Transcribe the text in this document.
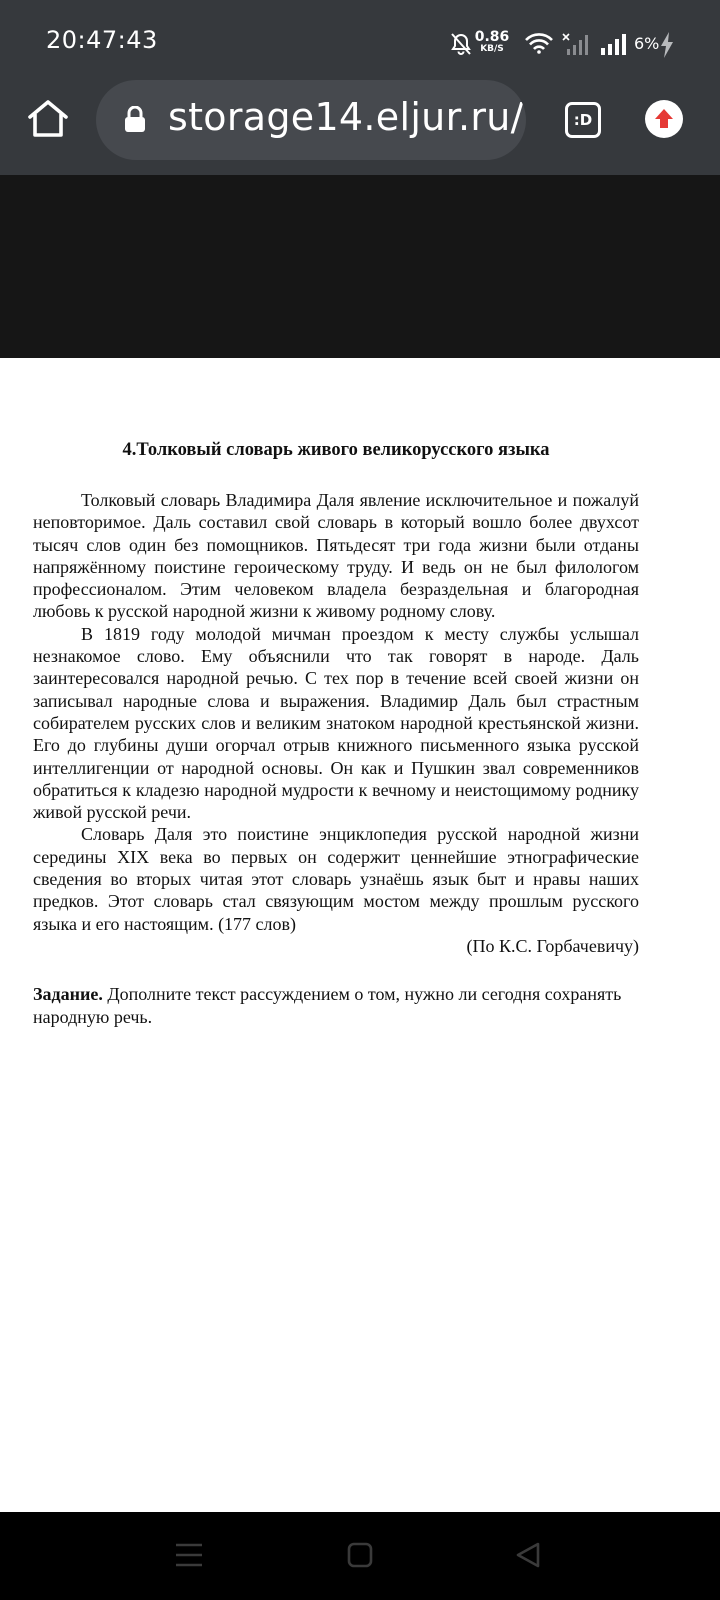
20:47:43	0.86
KB/S	6%
storage14.eljur.ru/	:D
4.Толковый словарь живого великорусского языка

Толковый словарь Владимира Даля явление исключительное и пожалуй неповторимое. Даль составил свой словарь в который вошло более двухсот тысяч слов один без помощников. Пятьдесят три года жизни были отданы напряжённому поистине героическому труду. И ведь он не был филологом профессионалом. Этим человеком владела безраздельная и благородная любовь к русской народной жизни к живому родному слову.

В 1819 году молодой мичман проездом к месту службы услышал незнакомое слово. Ему объяснили что так говорят в народе. Даль заинтересовался народной речью. С тех пор в течение всей своей жизни он записывал народные слова и выражения. Владимир Даль был страстным собирателем русских слов и великим знатоком народной крестьянской жизни. Его до глубины души огорчал отрыв книжного письменного языка русской интеллигенции от народной основы. Он как и Пушкин звал современников обратиться к кладезю народной мудрости к вечному и неистощимому роднику живой русской речи.

Словарь Даля это поистине энциклопедия русской народной жизни середины XIX века во первых он содержит ценнейшие этнографические сведения во вторых читая этот словарь узнаёшь язык быт и нравы наших предков. Этот словарь стал связующим мостом между прошлым русского языка и его настоящим. (177 слов)

(По К.С. Горбачевичу)

Задание. Дополните текст рассуждением о том, нужно ли сегодня сохранять народную речь.
